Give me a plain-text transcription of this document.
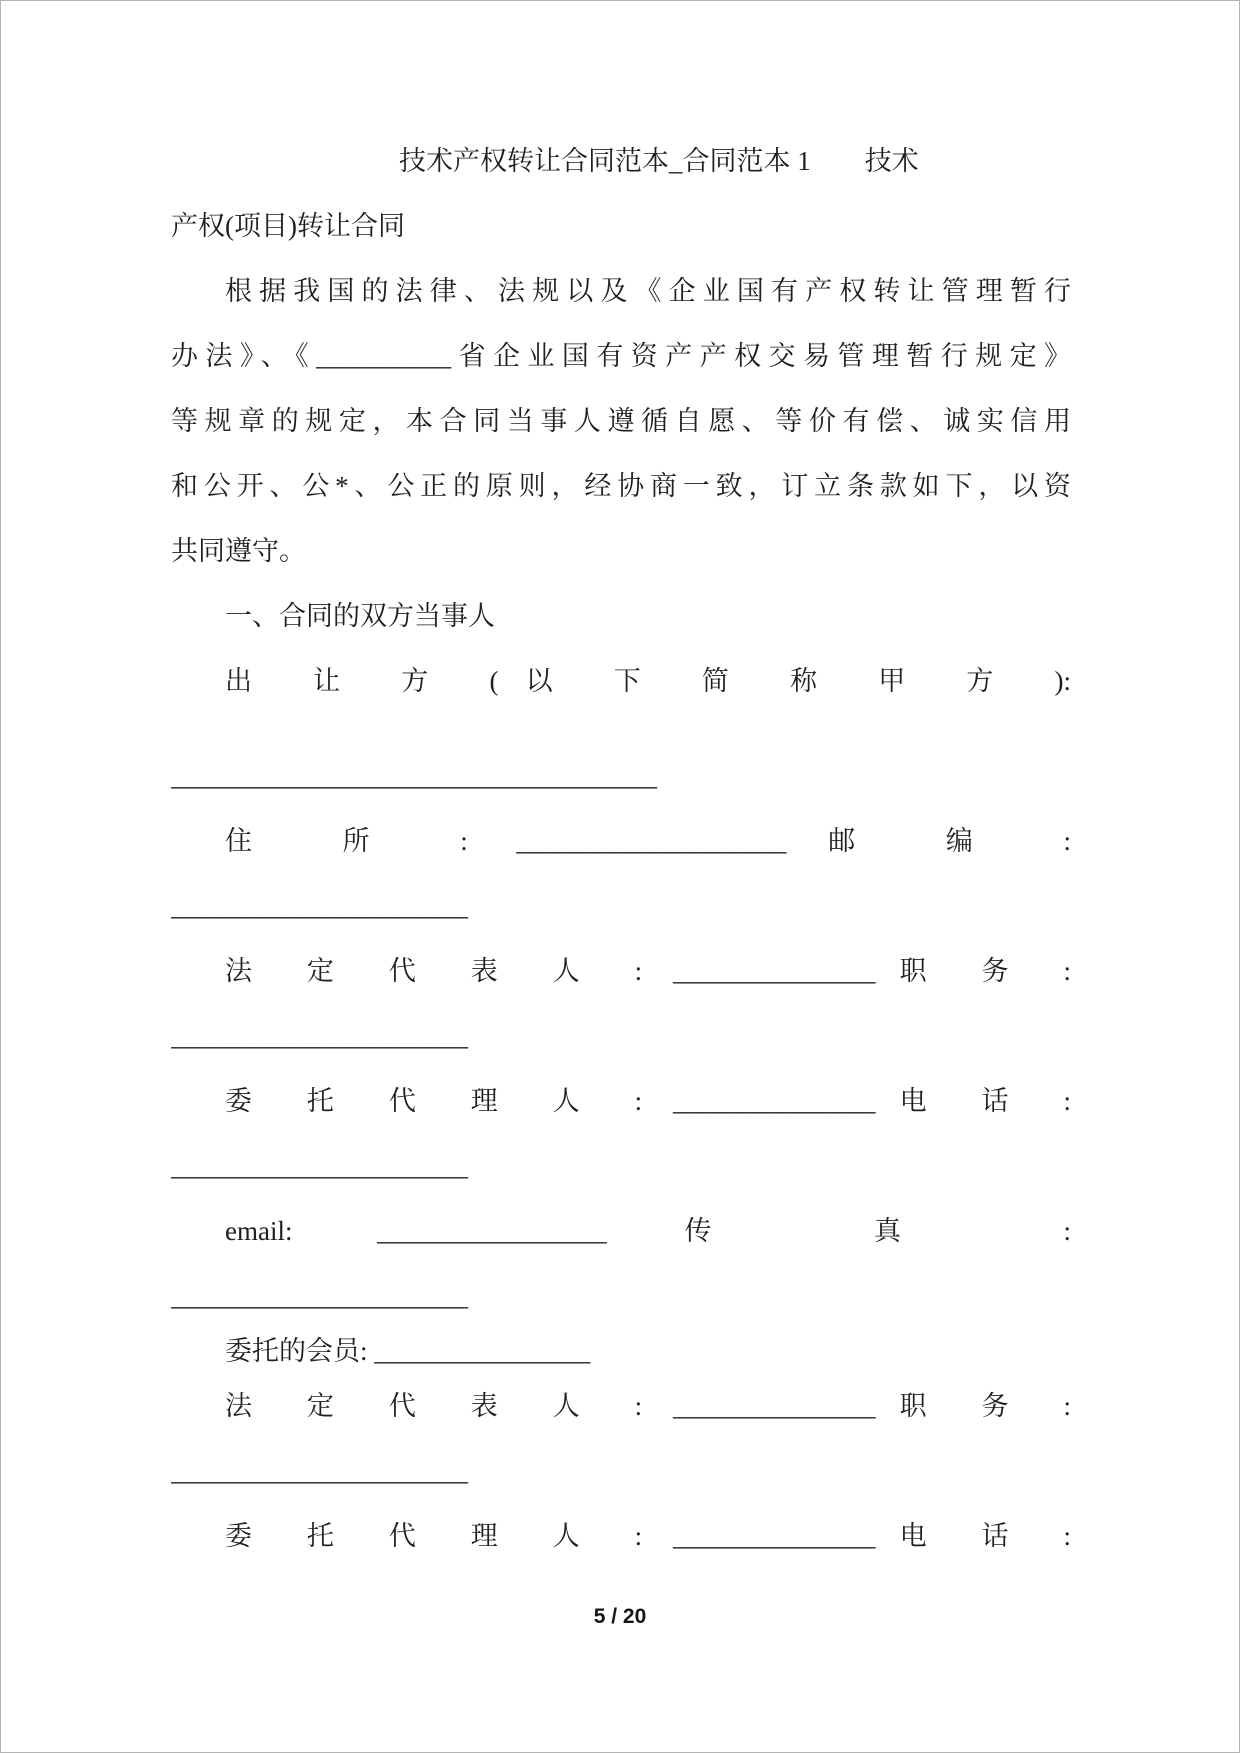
技术产权转让合同范本_合同范本 1　　技术
产权(项目)转让合同
根据我国的法律、法规以及《企业国有产权转让管理暂行
办法》、《__________省企业国有资产产权交易管理暂行规定》
等规章的规定，本合同当事人遵循自愿、等价有偿、诚实信用
和公开、公*、公正的原则，经协商一致，订立条款如下，以资
共同遵守。
一、合同的双方当事人
出 让 方 (以 下 简 称 甲 方 ):
____________________________________
住 所 : ____________________邮 编 :
______________________
法 定 代 表 人 : _______________职 务 :
______________________
委 托 代 理 人 : _______________电 话 :
______________________
email: _________________传 真 :
______________________
委托的会员: ________________
法 定 代 表 人 : _______________职 务 :
______________________
委 托 代 理 人 : _______________电 话 :
5 / 20
